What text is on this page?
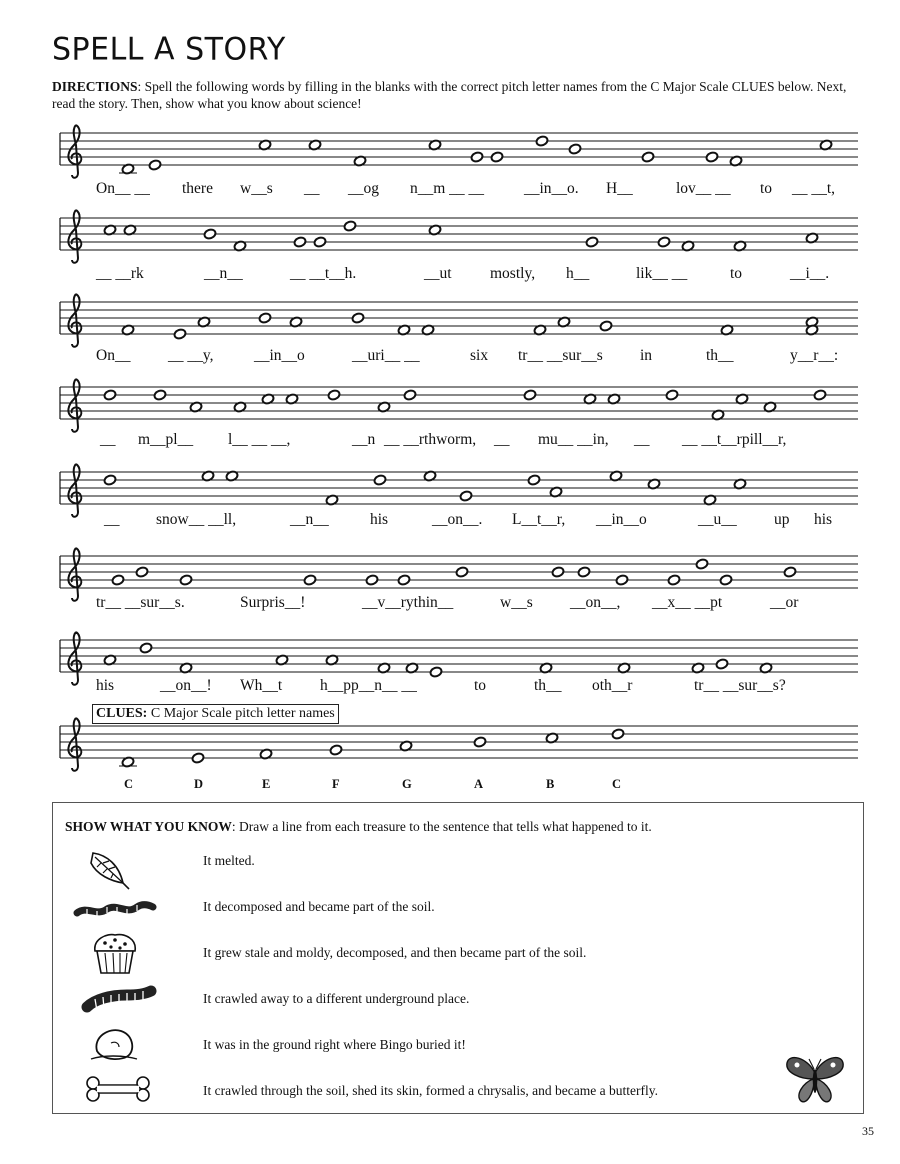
SPELL A STORY
DIRECTIONS: Spell the following words by filling in the blanks with the correct pitch letter names from the C Major Scale CLUES below. Next, read the story. Then, show what you know about science!
On__ __ there w__s __ __og n__m __ __	__in__o. H__	lov__ __ to __ __t,
__ __rk	__n__	__ __t__h.	__ut mostly, h__	lik__ __	to	__i__.
On__ __ __y,	__in__o	__uri__ __	six tr__ __sur__s in	th__	y__r__:
__ m__pl__ l__ __ __,	__n __ __rthworm, __ mu__ __in, __ __ __t__rpill__r,
__ snow__ __ll,	__n__	his	__on__. L__t__r, __in__o	__u__ up his
tr__ __sur__s.	Surpris__!	__v__rythin__	w__s __on__, __x__ __pt	__or
his	__on__! Wh__t h__pp__n__ __	to	th__ oth__r	tr__ __sur__s?
CLUES: C Major Scale pitch letter names
C	D	E	F	G	A	B	C
SHOW WHAT YOU KNOW: Draw a line from each treasure to the sentence that tells what happened to it.
It melted.
It decomposed and became part of the soil.
It grew stale and moldy, decomposed, and then became part of the soil.
It crawled away to a different underground place.
It was in the ground right where Bingo buried it!
It crawled through the soil, shed its skin, formed a chrysalis, and became a butterfly.
35
